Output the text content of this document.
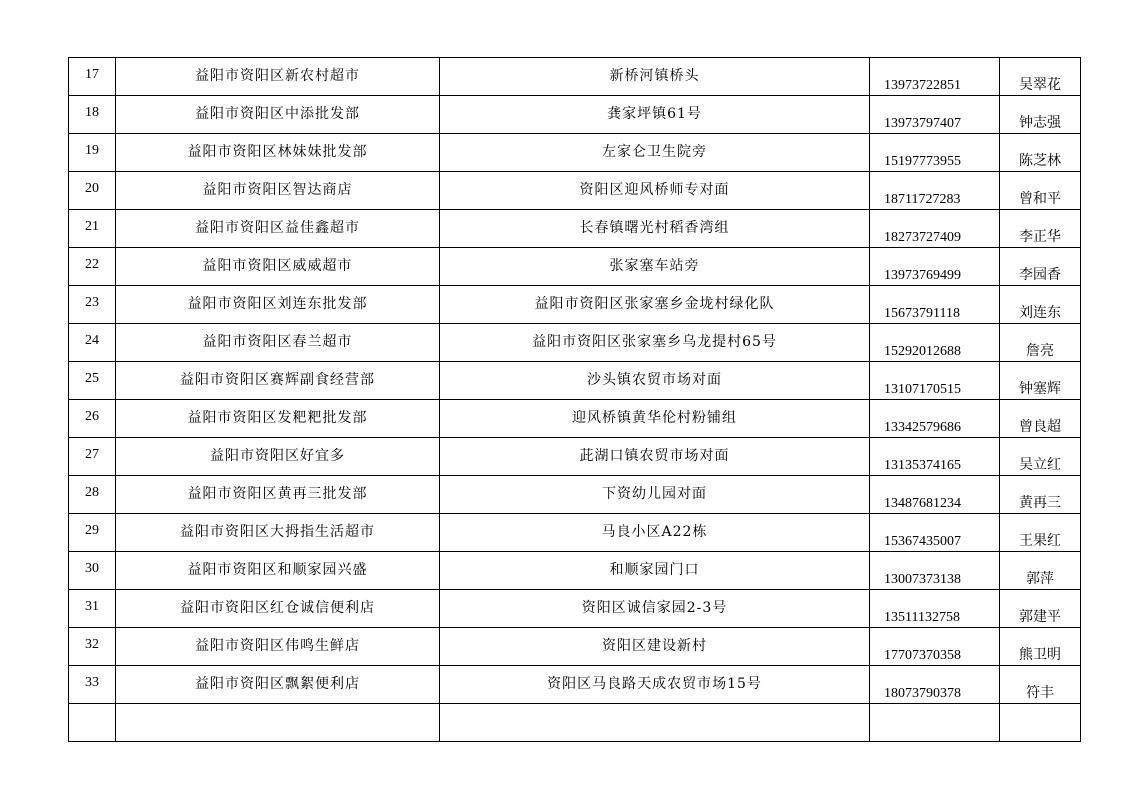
17	益阳市资阳区新农村超市	新桥河镇桥头	13973722851	吴翠花
18	益阳市资阳区中添批发部	龚家坪镇61号	13973797407	钟志强
19	益阳市资阳区林妹妹批发部	左家仑卫生院旁	15197773955	陈芝林
20	益阳市资阳区智达商店	资阳区迎风桥师专对面	18711727283	曾和平
21	益阳市资阳区益佳鑫超市	长春镇曙光村稻香湾组	18273727409	李正华
22	益阳市资阳区威威超市	张家塞车站旁	13973769499	李园香
23	益阳市资阳区刘连东批发部	益阳市资阳区张家塞乡金垅村绿化队	15673791118	刘连东
24	益阳市资阳区春兰超市	益阳市资阳区张家塞乡乌龙提村65号	15292012688	詹亮
25	益阳市资阳区赛辉副食经营部	沙头镇农贸市场对面	13107170515	钟塞辉
26	益阳市资阳区发粑粑批发部	迎风桥镇黄华伦村粉铺组	13342579686	曾良超
27	益阳市资阳区好宜多	茈湖口镇农贸市场对面	13135374165	吴立红
28	益阳市资阳区黄再三批发部	下资幼儿园对面	13487681234	黄再三
29	益阳市资阳区大拇指生活超市	马良小区A22栋	15367435007	王果红
30	益阳市资阳区和顺家园兴盛	和顺家园门口	13007373138	郭萍
31	益阳市资阳区红仓诚信便利店	资阳区诚信家园2-3号	13511132758	郭建平
32	益阳市资阳区伟鸣生鲜店	资阳区建设新村	17707370358	熊卫明
33	益阳市资阳区飘絮便利店	资阳区马良路天成农贸市场15号	18073790378	符丰
